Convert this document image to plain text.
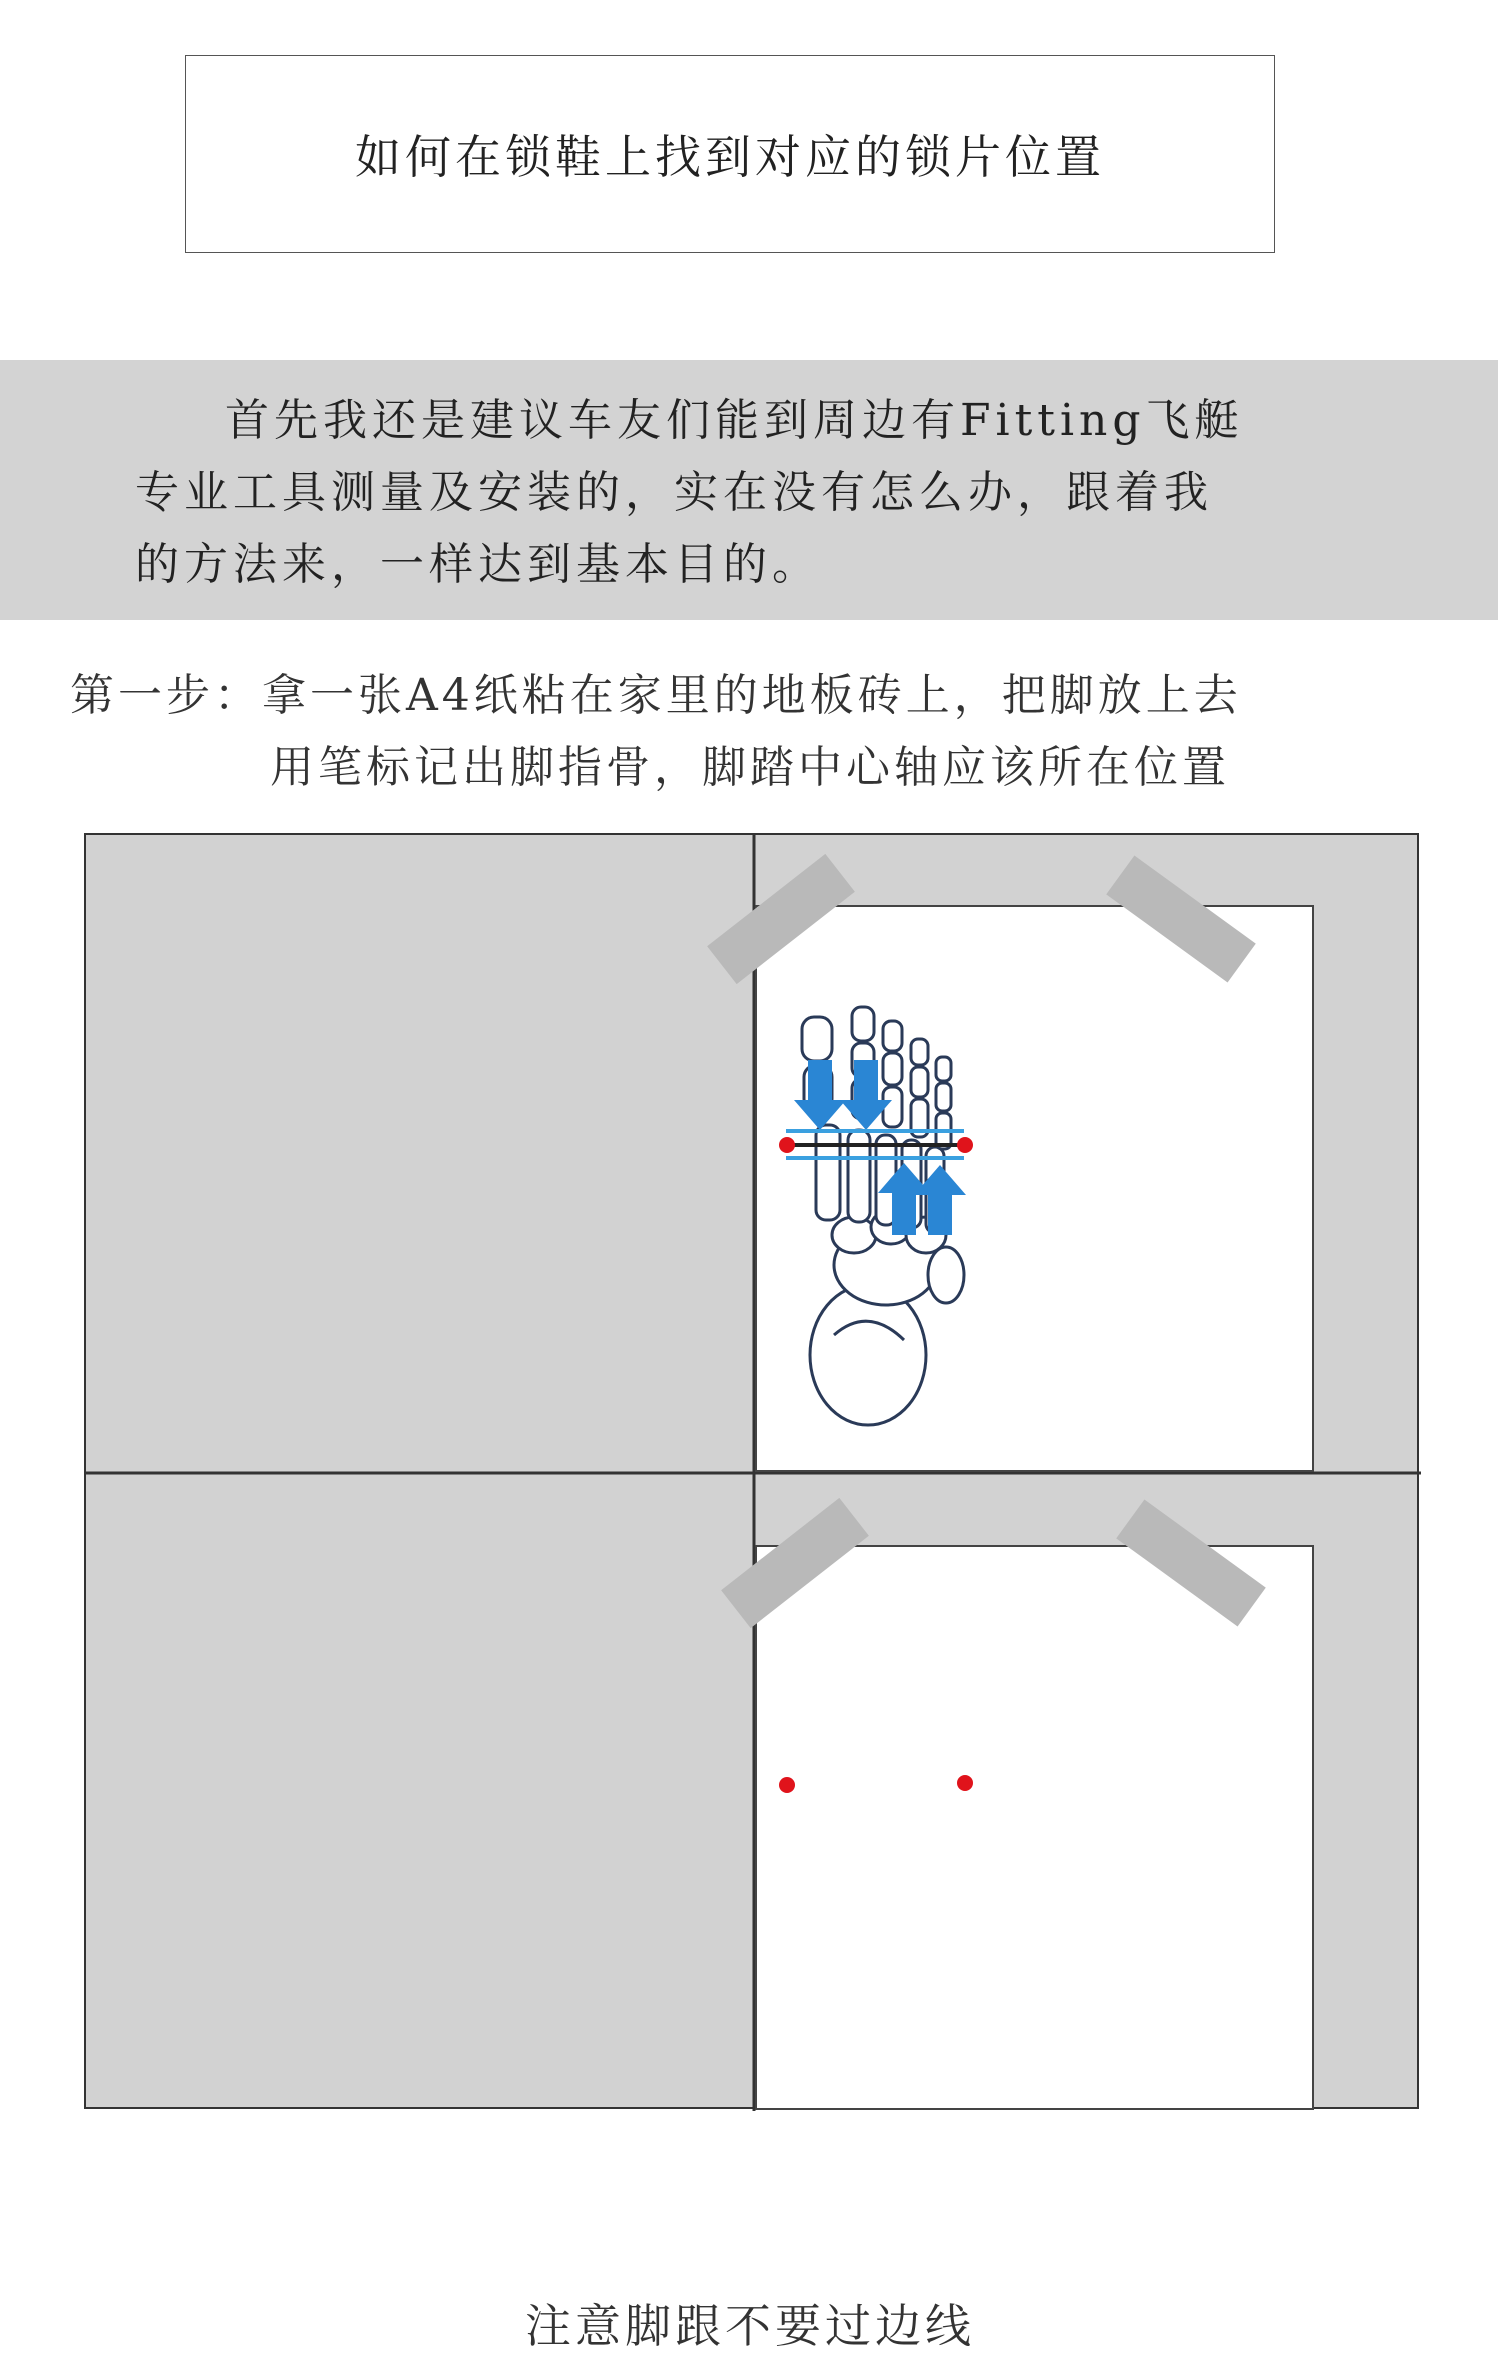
如何在锁鞋上找到对应的锁片位置
首先我还是建议车友们能到周边有Fitting飞艇
专业工具测量及安装的，实在没有怎么办，跟着我
的方法来，一样达到基本目的。
第一步：拿一张A4纸粘在家里的地板砖上，把脚放上去
用笔标记出脚指骨，脚踏中心轴应该所在位置
注意脚跟不要过边线
